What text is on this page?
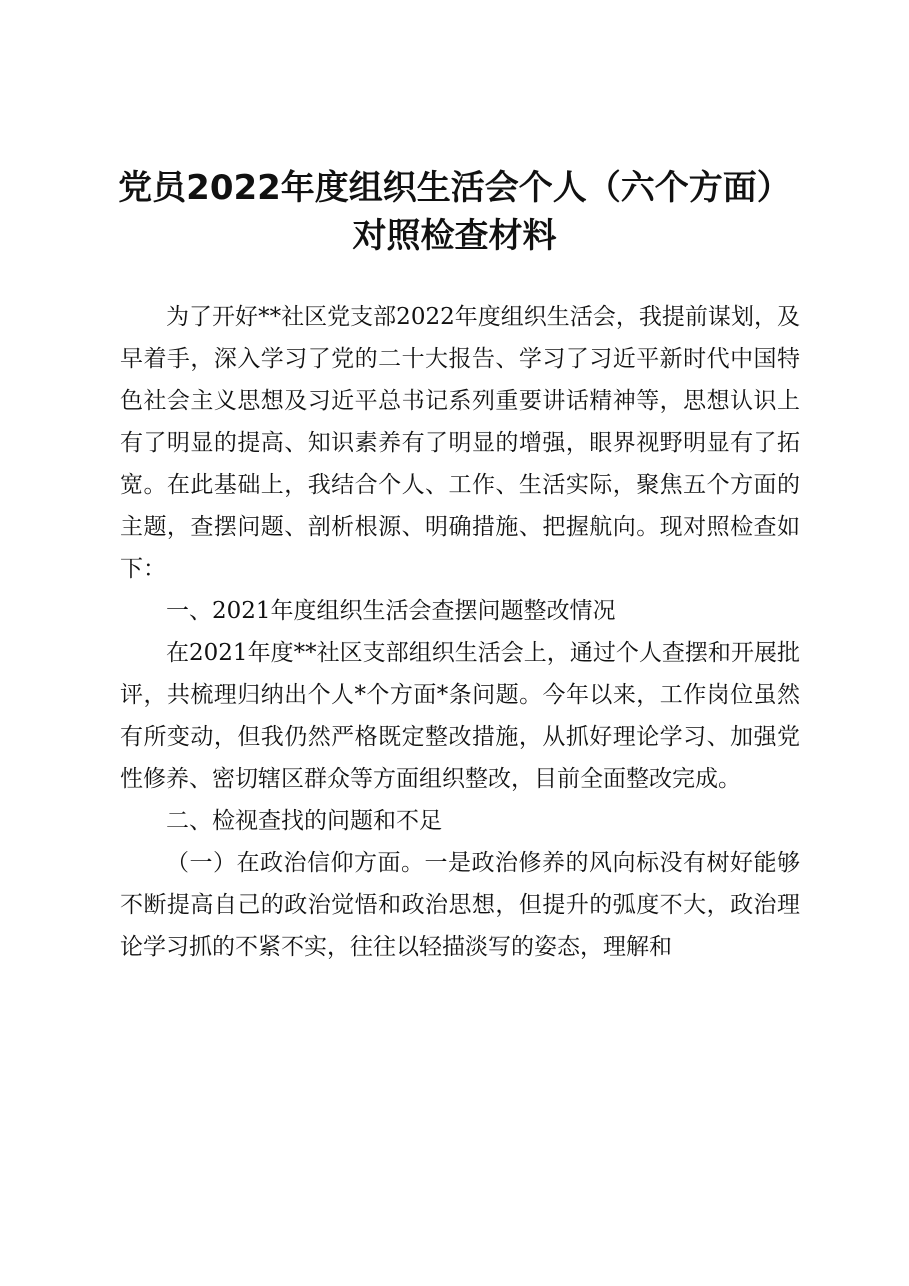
党员2022年度组织生活会个人（六个方面）
对照检查材料

为了开好**社区党支部2022年度组织生活会，我提前谋划，及早着手，深入学习了党的二十大报告、学习了习近平新时代中国特色社会主义思想及习近平总书记系列重要讲话精神等，思想认识上有了明显的提高、知识素养有了明显的增强，眼界视野明显有了拓宽。在此基础上，我结合个人、工作、生活实际，聚焦五个方面的主题，查摆问题、剖析根源、明确措施、把握航向。现对照检查如下：

一、2021年度组织生活会查摆问题整改情况

在2021年度**社区支部组织生活会上，通过个人查摆和开展批评，共梳理归纳出个人*个方面*条问题。今年以来，工作岗位虽然有所变动，但我仍然严格既定整改措施，从抓好理论学习、加强党性修养、密切辖区群众等方面组织整改，目前全面整改完成。

二、检视查找的问题和不足

（一）在政治信仰方面。一是政治修养的风向标没有树好能够不断提高自己的政治觉悟和政治思想，但提升的弧度不大，政治理论学习抓的不紧不实，往往以轻描淡写的姿态，理解和
